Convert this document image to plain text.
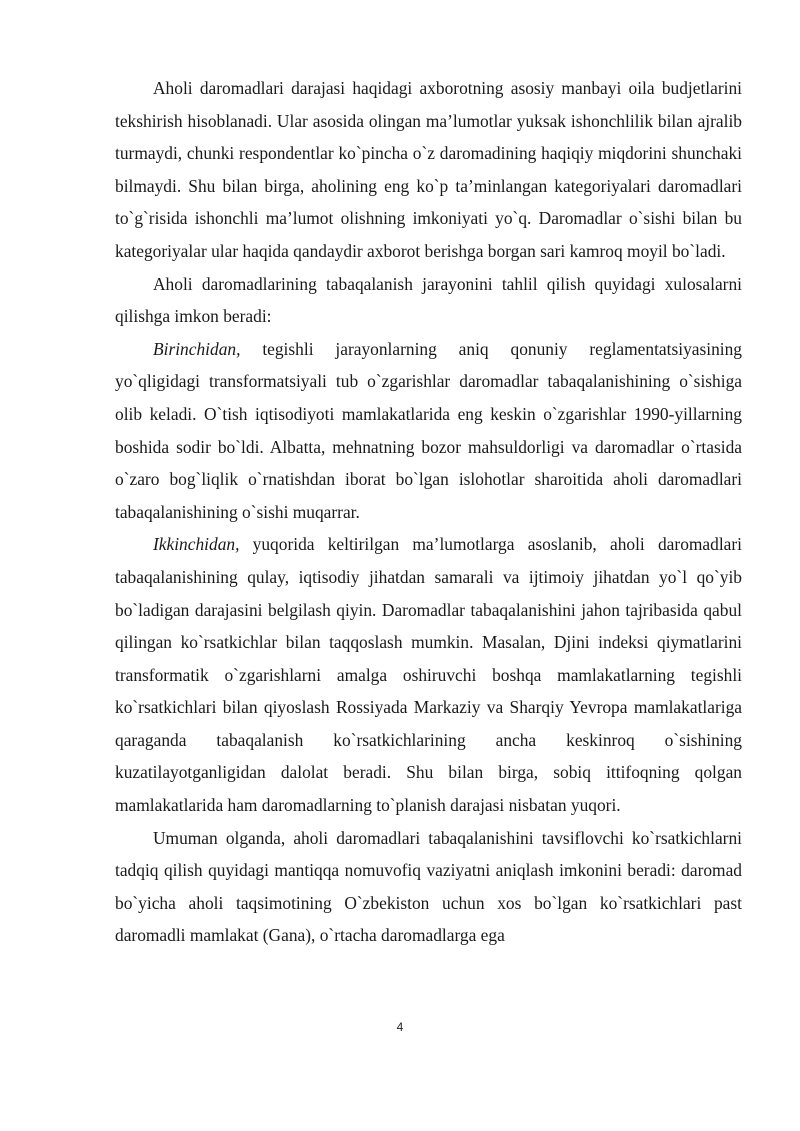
Aholi daromadlari darajasi haqidagi axborotning asosiy manbayi oila budjetlarini tekshirish hisoblanadi. Ular asosida olingan ma’lumotlar yuksak ishonchlilik bilan ajralib turmaydi, chunki respondentlar ko`pincha o`z daromadining haqiqiy miqdorini shunchaki bilmaydi. Shu bilan birga, aholining eng ko`p ta’minlangan kategoriyalari daromadlari to`g`risida ishonchli ma’lumot olishning imkoniyati yo`q. Daromadlar o`sishi bilan bu kategoriyalar ular haqida qandaydir axborot berishga borgan sari kamroq moyil bo`ladi.

Aholi daromadlarining tabaqalanish jarayonini tahlil qilish quyidagi xulosalarni qilishga imkon beradi:

Birinchidan, tegishli jarayonlarning aniq qonuniy reglamentatsiyasining yo`qligidagi transformatsiyali tub o`zgarishlar daromadlar tabaqalanishining o`sishiga olib keladi. O`tish iqtisodiyoti mamlakatlarida eng keskin o`zgarishlar 1990-yillarning boshida sodir bo`ldi. Albatta, mehnatning bozor mahsuldorligi va daromadlar o`rtasida o`zaro bog`liqlik o`rnatishdan iborat bo`lgan islohotlar sharoitida aholi daromadlari tabaqalanishining o`sishi muqarrar.

Ikkinchidan, yuqorida keltirilgan ma’lumotlarga asoslanib, aholi daromadlari tabaqalanishining qulay, iqtisodiy jihatdan samarali va ijtimoiy jihatdan yo`l qo`yib bo`ladigan darajasini belgilash qiyin. Daromadlar tabaqalanishini jahon tajribasida qabul qilingan ko`rsatkichlar bilan taqqoslash mumkin. Masalan, Djini indeksi qiymatlarini transformatik o`zgarishlarni amalga oshiruvchi boshqa mamlakatlarning tegishli ko`rsatkichlari bilan qiyoslash Rossiyada Markaziy va Sharqiy Yevropa mamlakatlariga qaraganda tabaqalanish ko`rsatkichlarining ancha keskinroq o`sishining kuzatilayotganligidan dalolat beradi. Shu bilan birga, sobiq ittifoqning qolgan mamlakatlarida ham daromadlarning to`planish darajasi nisbatan yuqori.

Umuman olganda, aholi daromadlari tabaqalanishini tavsiflovchi ko`rsatkichlarni tadqiq qilish quyidagi mantiqqa nomuvofiq vaziyatni aniqlash imkonini beradi: daromad bo`yicha aholi taqsimotining O`zbekiston uchun xos bo`lgan ko`rsatkichlari past daromadli mamlakat (Gana), o`rtacha daromadlarga ega

4
